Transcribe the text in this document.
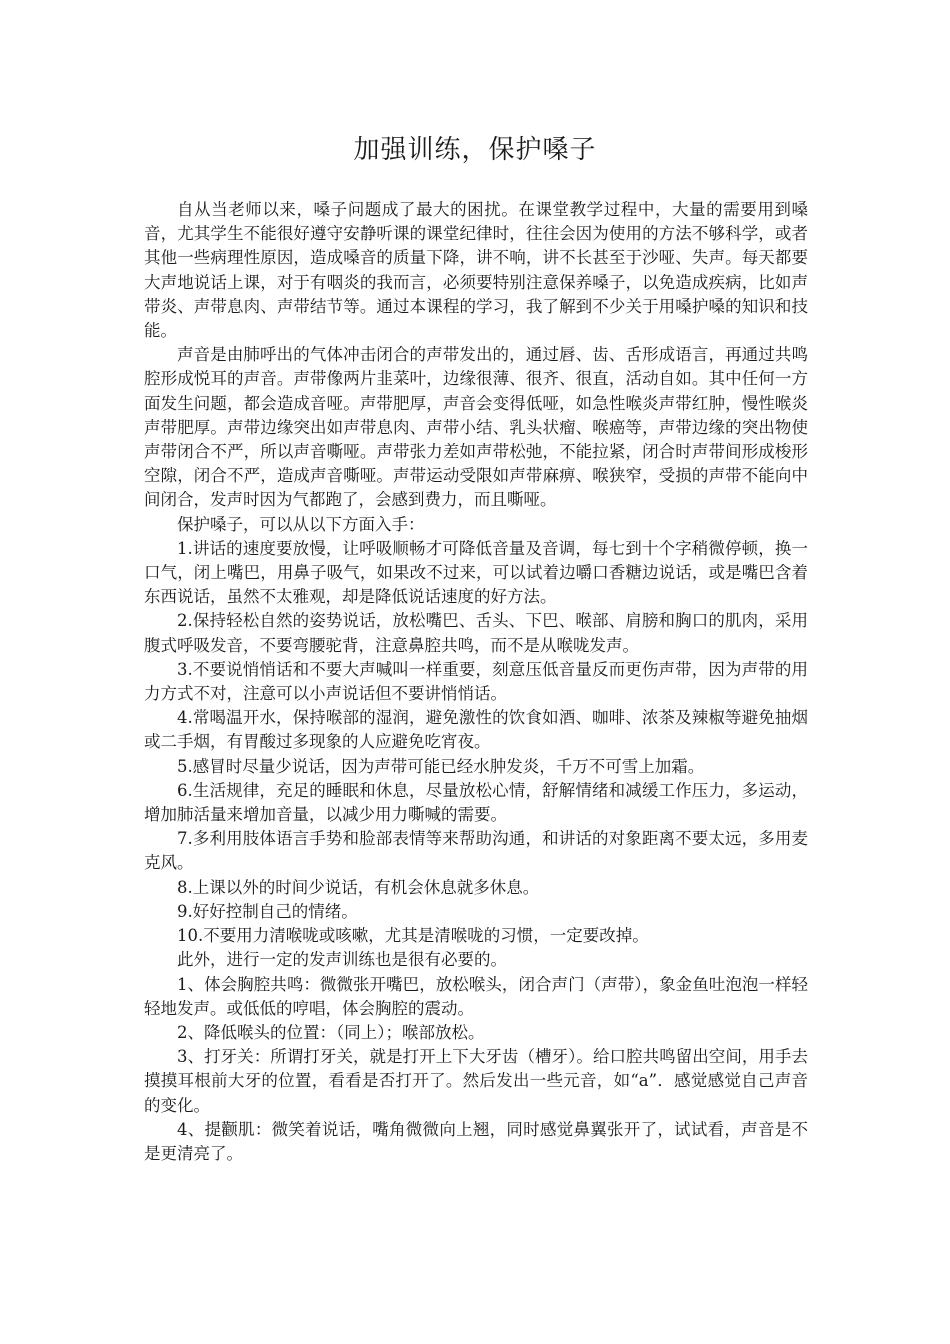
加强训练，保护嗓子

自从当老师以来，嗓子问题成了最大的困扰。在课堂教学过程中，大量的需要用到嗓音，尤其学生不能很好遵守安静听课的课堂纪律时，往往会因为使用的方法不够科学，或者其他一些病理性原因，造成嗓音的质量下降，讲不响，讲不长甚至于沙哑、失声。每天都要大声地说话上课，对于有咽炎的我而言，必须要特别注意保养嗓子，以免造成疾病，比如声带炎、声带息肉、声带结节等。通过本课程的学习，我了解到不少关于用嗓护嗓的知识和技能。

声音是由肺呼出的气体冲击闭合的声带发出的，通过唇、齿、舌形成语言，再通过共鸣腔形成悦耳的声音。声带像两片韭菜叶，边缘很薄、很齐、很直，活动自如。其中任何一方面发生问题，都会造成音哑。声带肥厚，声音会变得低哑，如急性喉炎声带红肿，慢性喉炎声带肥厚。声带边缘突出如声带息肉、声带小结、乳头状瘤、喉癌等，声带边缘的突出物使声带闭合不严，所以声音嘶哑。声带张力差如声带松弛，不能拉紧，闭合时声带间形成梭形空隙，闭合不严，造成声音嘶哑。声带运动受限如声带麻痹、喉狭窄，受损的声带不能向中间闭合，发声时因为气都跑了，会感到费力，而且嘶哑。

保护嗓子，可以从以下方面入手：

1.讲话的速度要放慢，让呼吸顺畅才可降低音量及音调，每七到十个字稍微停顿，换一口气，闭上嘴巴，用鼻子吸气，如果改不过来，可以试着边嚼口香糖边说话，或是嘴巴含着东西说话，虽然不太雅观，却是降低说话速度的好方法。

2.保持轻松自然的姿势说话，放松嘴巴、舌头、下巴、喉部、肩膀和胸口的肌肉，采用腹式呼吸发音，不要弯腰驼背，注意鼻腔共鸣，而不是从喉咙发声。

3.不要说悄悄话和不要大声喊叫一样重要，刻意压低音量反而更伤声带，因为声带的用力方式不对，注意可以小声说话但不要讲悄悄话。

4.常喝温开水，保持喉部的湿润，避免激性的饮食如酒、咖啡、浓茶及辣椒等避免抽烟或二手烟，有胃酸过多现象的人应避免吃宵夜。

5.感冒时尽量少说话，因为声带可能已经水肿发炎，千万不可雪上加霜。

6.生活规律，充足的睡眠和休息，尽量放松心情，舒解情绪和减缓工作压力，多运动，增加肺活量来增加音量，以减少用力嘶喊的需要。

7.多利用肢体语言手势和脸部表情等来帮助沟通，和讲话的对象距离不要太远，多用麦克风。

8.上课以外的时间少说话，有机会休息就多休息。

9.好好控制自己的情绪。

10.不要用力清喉咙或咳嗽，尤其是清喉咙的习惯，一定要改掉。

此外，进行一定的发声训练也是很有必要的。

1、体会胸腔共鸣：微微张开嘴巴，放松喉头，闭合声门（声带），象金鱼吐泡泡一样轻轻地发声。或低低的哼唱，体会胸腔的震动。

2、降低喉头的位置：（同上）；喉部放松。

3、打牙关：所谓打牙关，就是打开上下大牙齿（槽牙）。给口腔共鸣留出空间，用手去摸摸耳根前大牙的位置，看看是否打开了。然后发出一些元音，如“a”．感觉感觉自己声音的变化。

4、提颧肌：微笑着说话，嘴角微微向上翘，同时感觉鼻翼张开了，试试看，声音是不是更清亮了。
